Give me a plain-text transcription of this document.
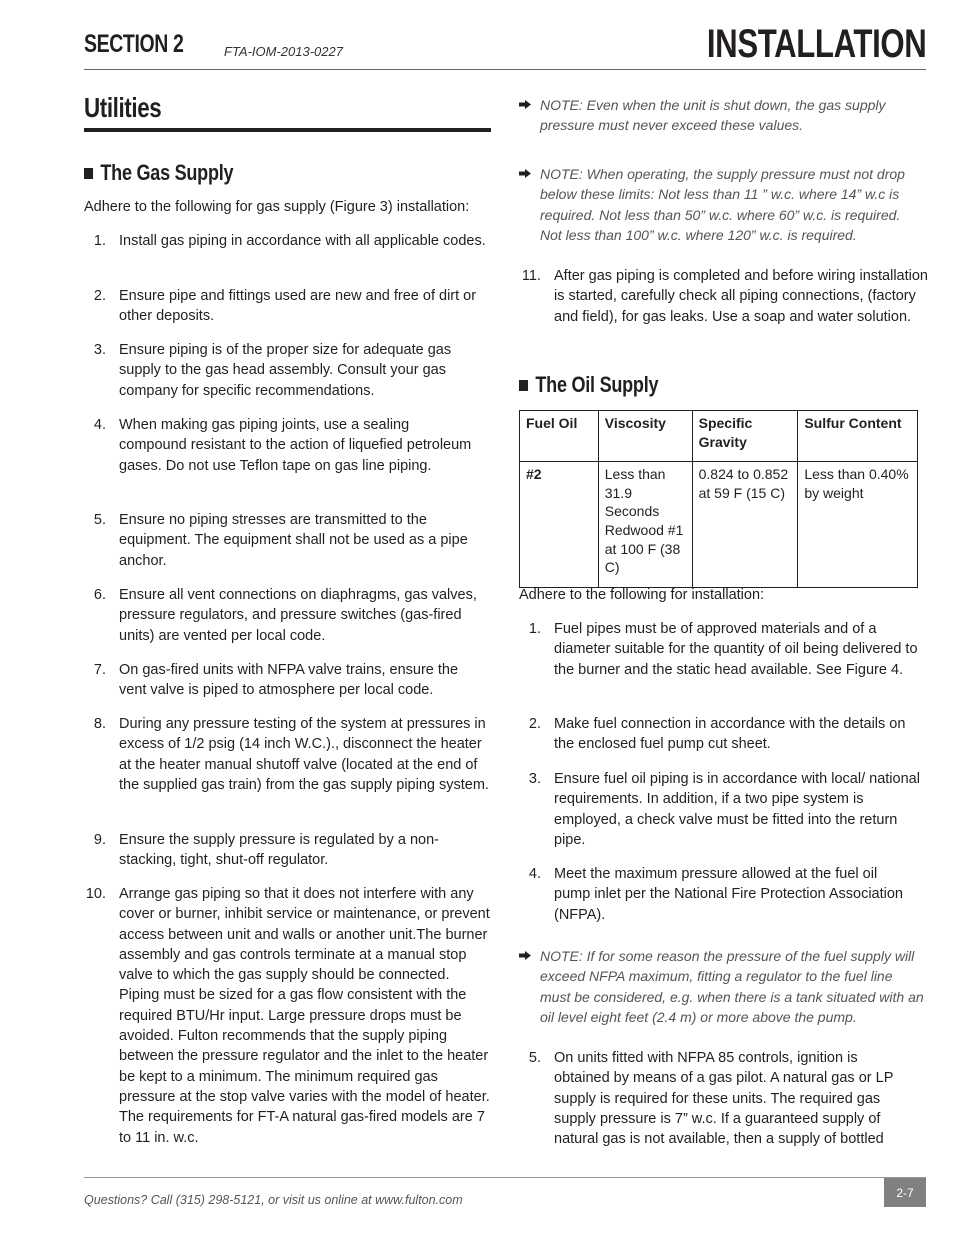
SECTION 2	FTA-IOM-2013-0227	INSTALLATION
Utilities
The Gas Supply
Adhere to the following for gas supply (Figure 3) installation:
1. Install gas piping in accordance with all applicable codes.
2. Ensure pipe and fittings used are new and free of dirt or other deposits.
3. Ensure piping is of the proper size for adequate gas supply to the gas head assembly. Consult your gas company for specific recommendations.
4. When making gas piping joints, use a sealing compound resistant to the action of liquefied petroleum gases. Do not use Teflon tape on gas line piping.
5. Ensure no piping stresses are transmitted to the equipment. The equipment shall not be used as a pipe anchor.
6. Ensure all vent connections on diaphragms, gas valves, pressure regulators, and pressure switches (gas-fired units) are vented per local code.
7. On gas-fired units with NFPA valve trains, ensure the vent valve is piped to atmosphere per local code.
8. During any pressure testing of the system at pressures in excess of 1/2 psig (14 inch W.C.)., disconnect the heater at the heater manual shutoff valve (located at the end of the supplied gas train) from the gas supply piping system.
9. Ensure the supply pressure is regulated by a non-stacking, tight, shut-off regulator.
10. Arrange gas piping so that it does not interfere with any cover or burner, inhibit service or maintenance, or prevent access between unit and walls or another unit.The burner assembly and gas controls terminate at a manual stop valve to which the gas supply should be connected. Piping must be sized for a gas flow consistent with the required BTU/Hr input. Large pressure drops must be avoided. Fulton recommends that the supply piping between the pressure regulator and the inlet to the heater be kept to a minimum. The minimum required gas pressure at the stop valve varies with the model of heater. The requirements for FT-A natural gas-fired models are 7 to 11 in. w.c.
NOTE: Even when the unit is shut down, the gas supply pressure must never exceed these values.
NOTE: When operating, the supply pressure must not drop below these limits: Not less than 11 ” w.c. where 14” w.c is required. Not less than 50” w.c. where 60” w.c. is required. Not less than 100” w.c. where 120” w.c. is required.
11. After gas piping is completed and before wiring installation is started, carefully check all piping connections, (factory and field), for gas leaks. Use a soap and water solution.
The Oil Supply
Fuel Oil	Viscosity	Specific Gravity	Sulfur Content
#2	Less than 31.9 Seconds Redwood #1 at 100 F (38 C)	0.824 to 0.852 at 59 F (15 C)	Less than 0.40% by weight
Adhere to the following for installation:
1. Fuel pipes must be of approved materials and of a diameter suitable for the quantity of oil being delivered to the burner and the static head available. See Figure 4.
2. Make fuel connection in accordance with the details on the enclosed fuel pump cut sheet.
3. Ensure fuel oil piping is in accordance with local/ national requirements. In addition, if a two pipe system is employed, a check valve must be fitted into the return pipe.
4. Meet the maximum pressure allowed at the fuel oil pump inlet per the National Fire Protection Association (NFPA).
NOTE: If for some reason the pressure of the fuel supply will exceed NFPA maximum, fitting a regulator to the fuel line must be considered, e.g. when there is a tank situated with an oil level eight feet (2.4 m) or more above the pump.
5. On units fitted with NFPA 85 controls, ignition is obtained by means of a gas pilot. A natural gas or LP supply is required for these units. The required gas supply pressure is 7” w.c. If a guaranteed supply of natural gas is not available, then a supply of bottled
Questions? Call (315) 298-5121, or visit us online at www.fulton.com
2-7
